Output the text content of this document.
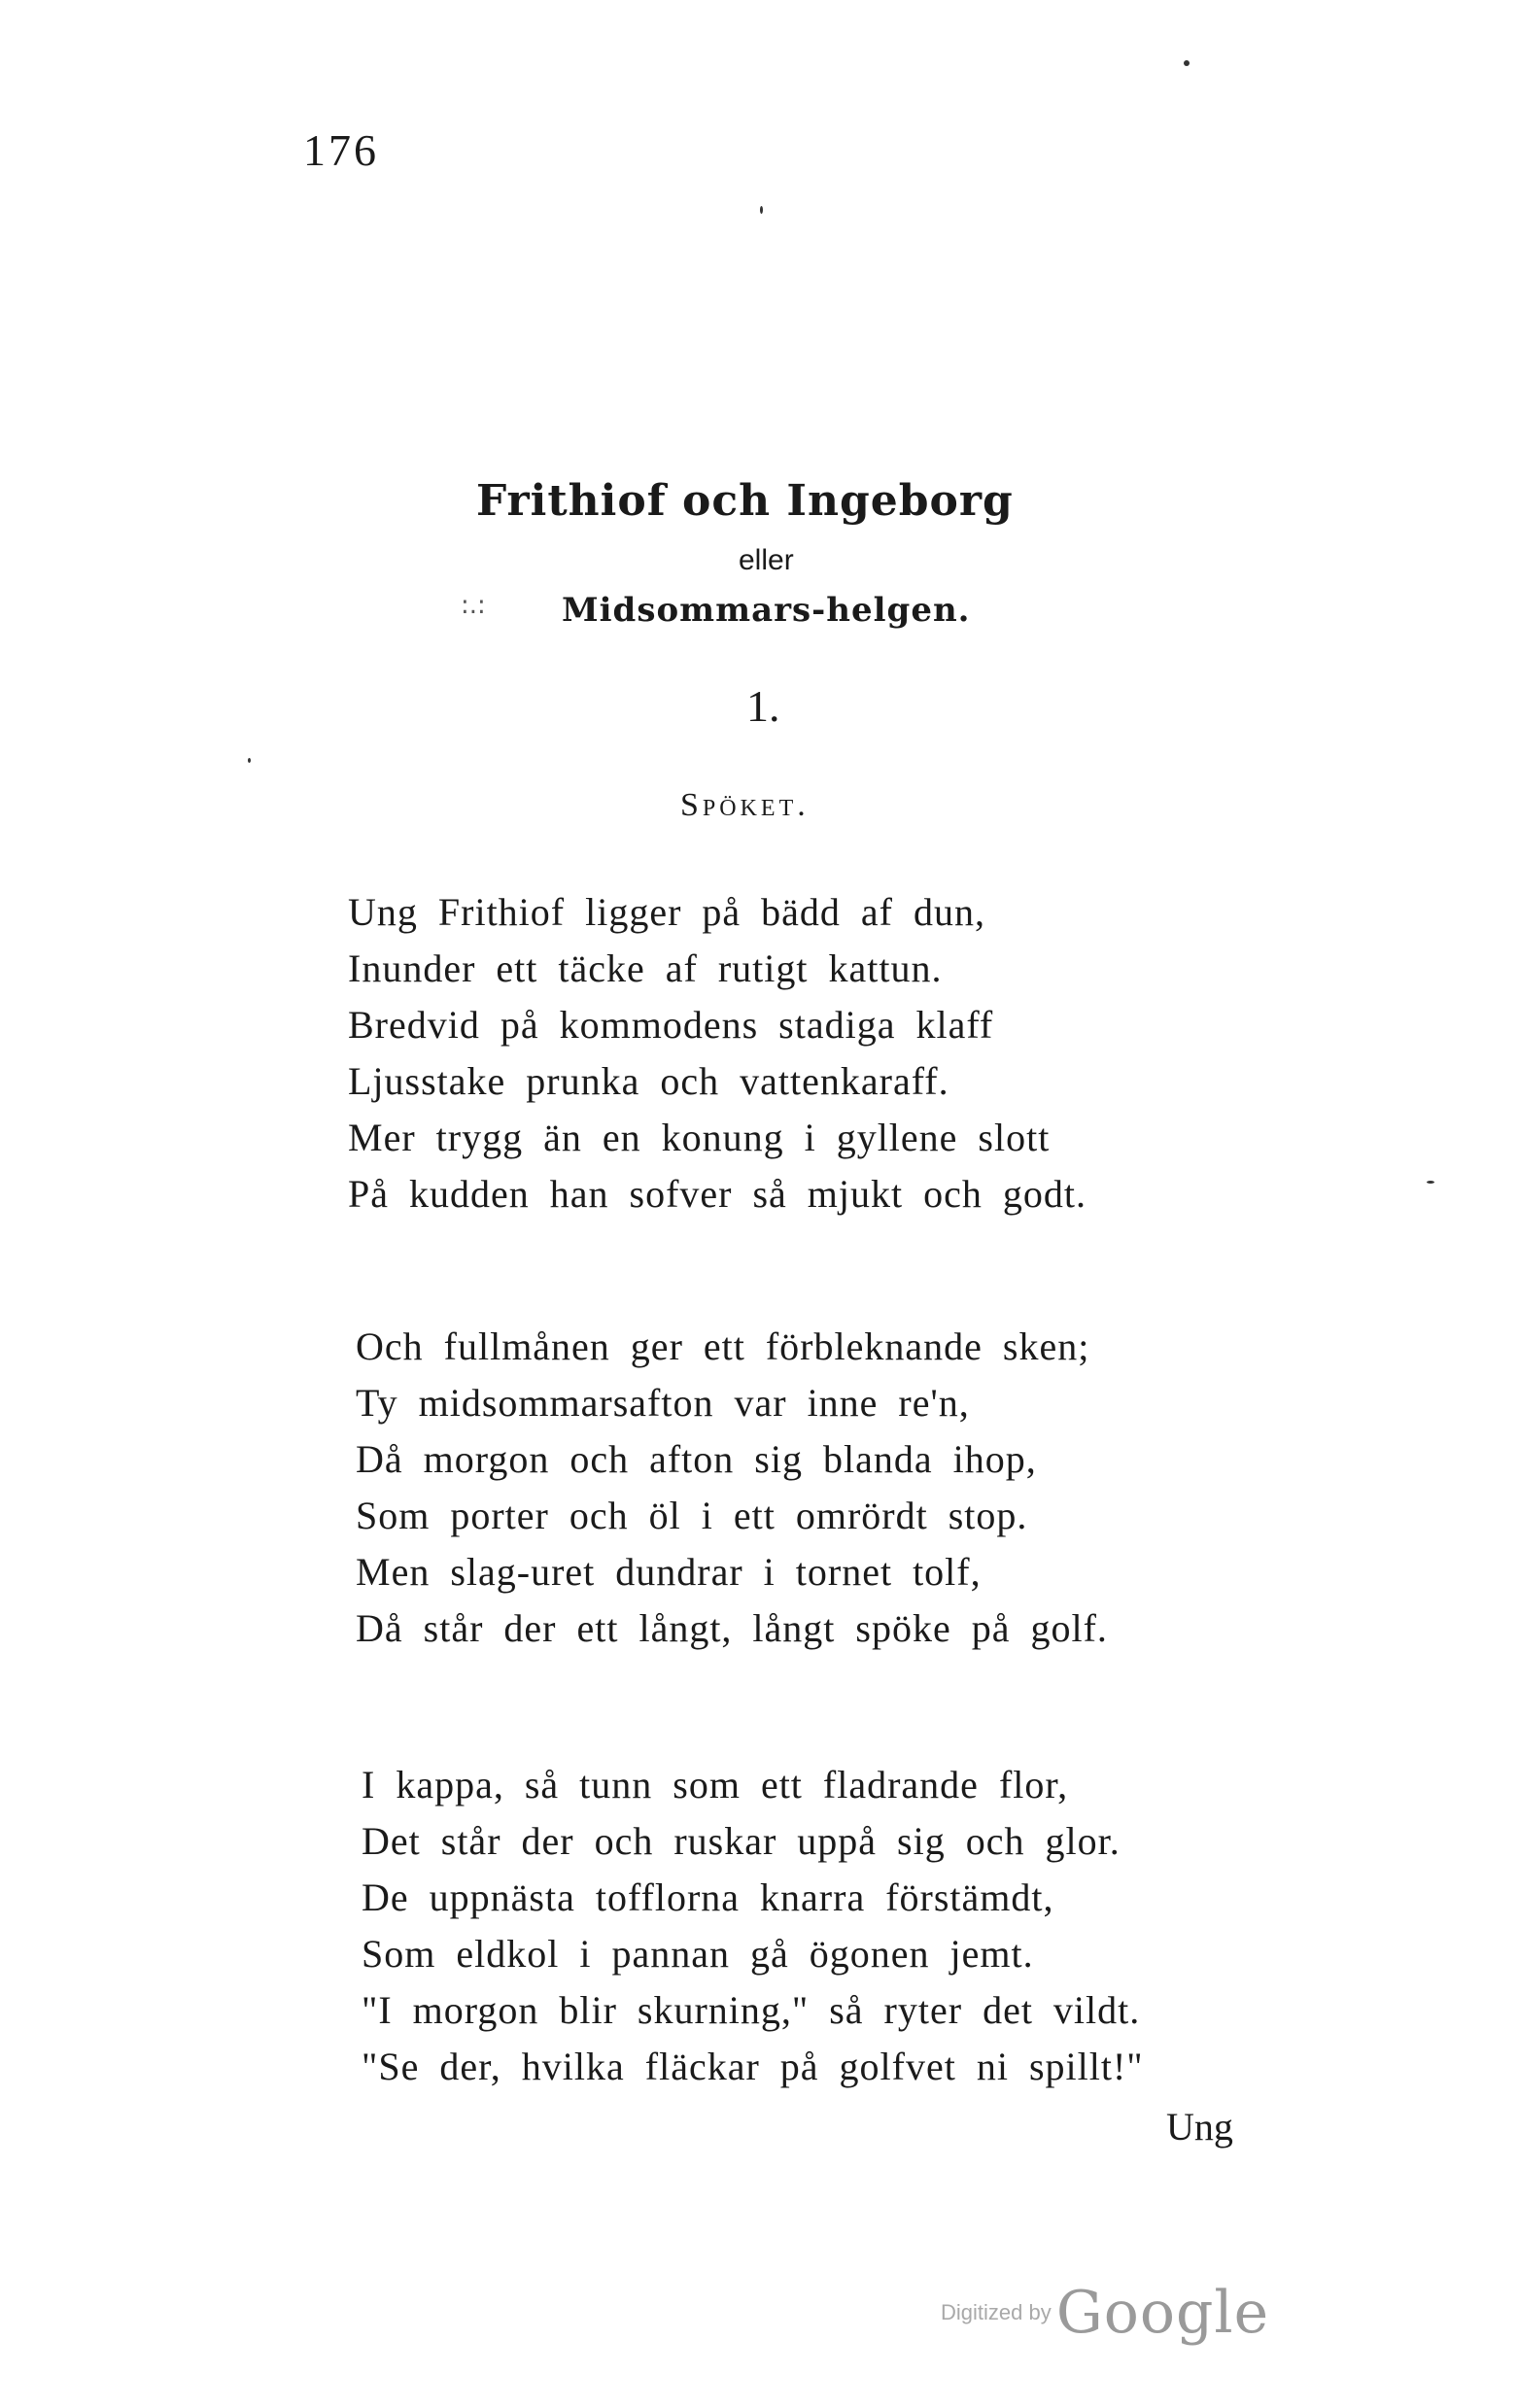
176
Frithiof och Ingeborg
eller
:.: Midsommars-helgen.
1.
Spöket.
Ung Frithiof ligger på bädd af dun,
Inunder ett täcke af rutigt kattun.
Bredvid på kommodens stadiga klaff
Ljusstake prunka och vattenkaraff.
Mer trygg än en konung i gyllene slott
På kudden han sofver så mjukt och godt.
Och fullmånen ger ett förbleknande sken;
Ty midsommarsafton var inne re'n,
Då morgon och afton sig blanda ihop,
Som porter och öl i ett omrördt stop.
Men slag-uret dundrar i tornet tolf,
Då står der ett långt, långt spöke på golf.
I kappa, så tunn som ett fladrande flor,
Det står der och ruskar uppå sig och glor.
De uppnästa tofflorna knarra förstämdt,
Som eldkol i pannan gå ögonen jemt.
"I morgon blir skurning," så ryter det vildt.
"Se der, hvilka fläckar på golfvet ni spillt!"
Ung
Digitized by Google
